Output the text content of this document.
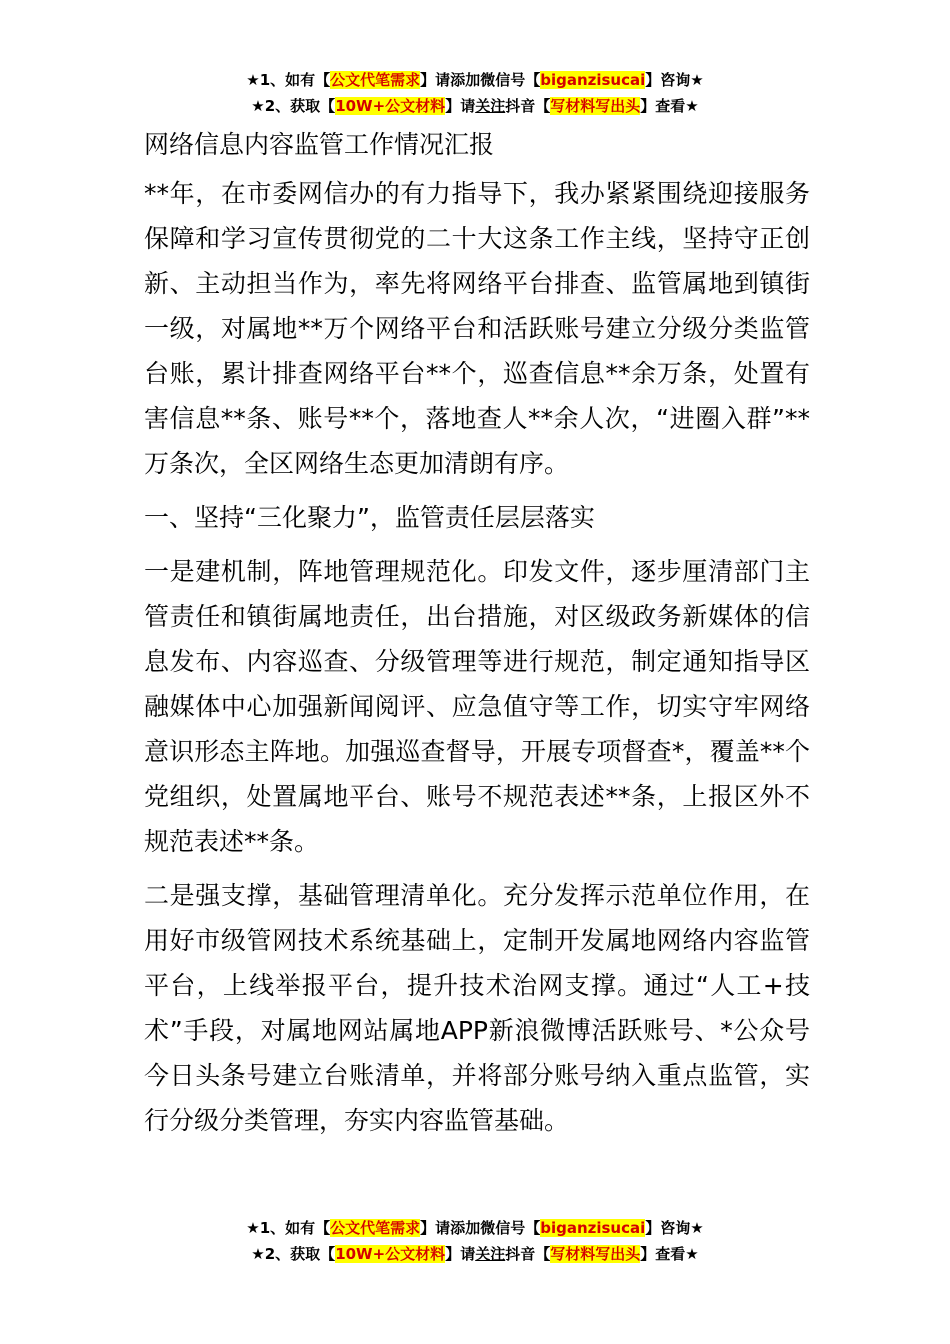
★1、如有【公文代笔需求】请添加微信号【biganzisucai】咨询★
★2、获取【10W+公文材料】请关注抖音【写材料写出头】查看★

网络信息内容监管工作情况汇报

**年，在市委网信办的有力指导下，我办紧紧围绕迎接服务保障和学习宣传贯彻党的二十大这条工作主线，坚持守正创新、主动担当作为，率先将网络平台排查、监管属地到镇街一级，对属地**万个网络平台和活跃账号建立分级分类监管台账，累计排查网络平台**个，巡查信息**余万条，处置有害信息**条、账号**个，落地查人**余人次，“进圈入群”**万条次，全区网络生态更加清朗有序。

一、坚持“三化聚力”，监管责任层层落实

一是建机制，阵地管理规范化。印发文件，逐步厘清部门主管责任和镇街属地责任，出台措施，对区级政务新媒体的信息发布、内容巡查、分级管理等进行规范，制定通知指导区融媒体中心加强新闻阅评、应急值守等工作，切实守牢网络意识形态主阵地。加强巡查督导，开展专项督查*，覆盖**个党组织，处置属地平台、账号不规范表述**条，上报区外不规范表述**条。

二是强支撑，基础管理清单化。充分发挥示范单位作用，在用好市级管网技术系统基础上，定制开发属地网络内容监管平台，上线举报平台，提升技术治网支撑。通过“人工+技术”手段，对属地网站属地APP新浪微博活跃账号、*公众号今日头条号建立台账清单，并将部分账号纳入重点监管，实行分级分类管理，夯实内容监管基础。

★1、如有【公文代笔需求】请添加微信号【biganzisucai】咨询★
★2、获取【10W+公文材料】请关注抖音【写材料写出头】查看★
